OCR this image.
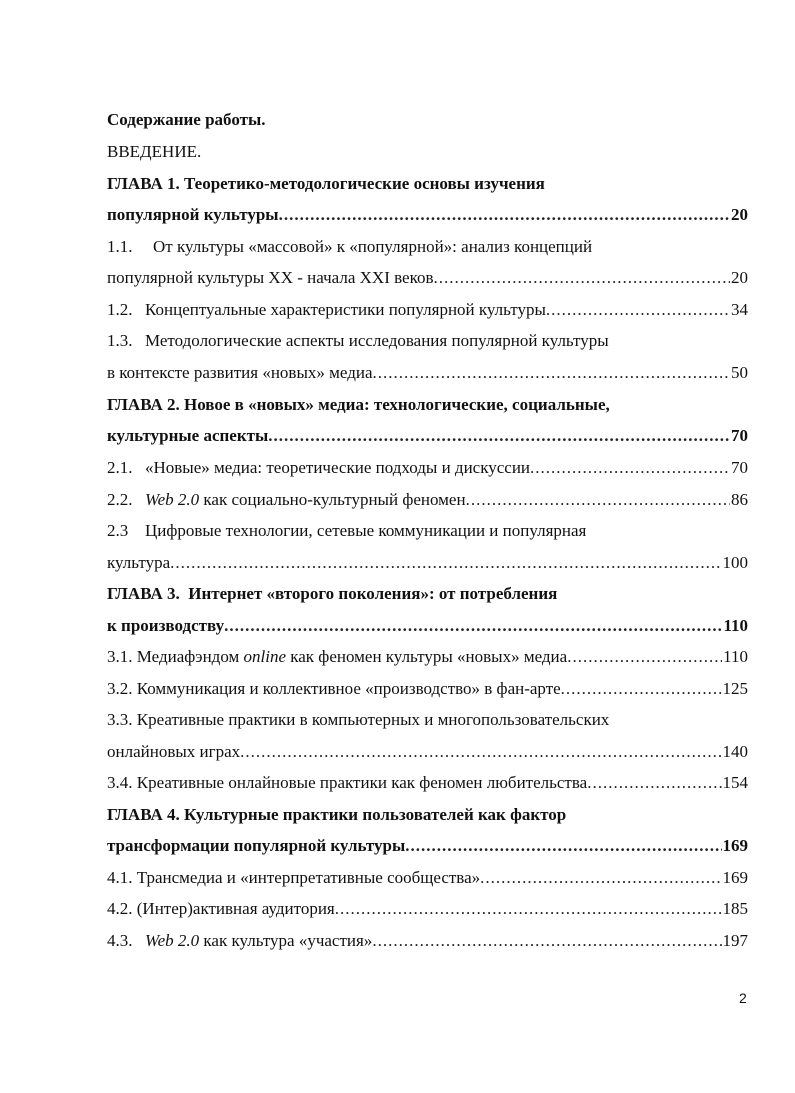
Содержание работы.
ВВЕДЕНИЕ.
ГЛАВА 1. Теоретико-методологические основы изучения
популярной культуры .....	20
1.1.	От культуры «массовой» к «популярной»: анализ концепций
популярной культуры XX - начала XXI веков .....	20
1.2. Концептуальные характеристики популярной культуры .....	34
1.3. Методологические аспекты исследования популярной культуры
в контексте развития «новых» медиа .....	50
ГЛАВА 2. Новое в «новых» медиа: технологические, социальные,
культурные аспекты .....	70
2.1. «Новые» медиа: теоретические подходы и дискуссии .....	70
2.2. Web 2.0 как социально-культурный феномен .....	86
2.3 Цифровые технологии, сетевые коммуникации и популярная
культура .....	100
ГЛАВА 3.  Интернет «второго поколения»: от потребления
к производству .....	110
3.1. Медиафэндом online как феномен культуры «новых» медиа .....	110
3.2. Коммуникация и коллективное «производство» в фан-арте .....	125
3.3. Креативные практики в компьютерных и многопользовательских
онлайновых играх .....	140
3.4. Креативные онлайновые практики как феномен любительства .....	154
ГЛАВА 4. Культурные практики пользователей как фактор
трансформации популярной культуры .....	169
4.1. Трансмедиа и «интерпретативные сообщества» .....	169
4.2. (Интер)активная аудитория .....	185
4.3. Web 2.0 как культура «участия» .....	197
2
